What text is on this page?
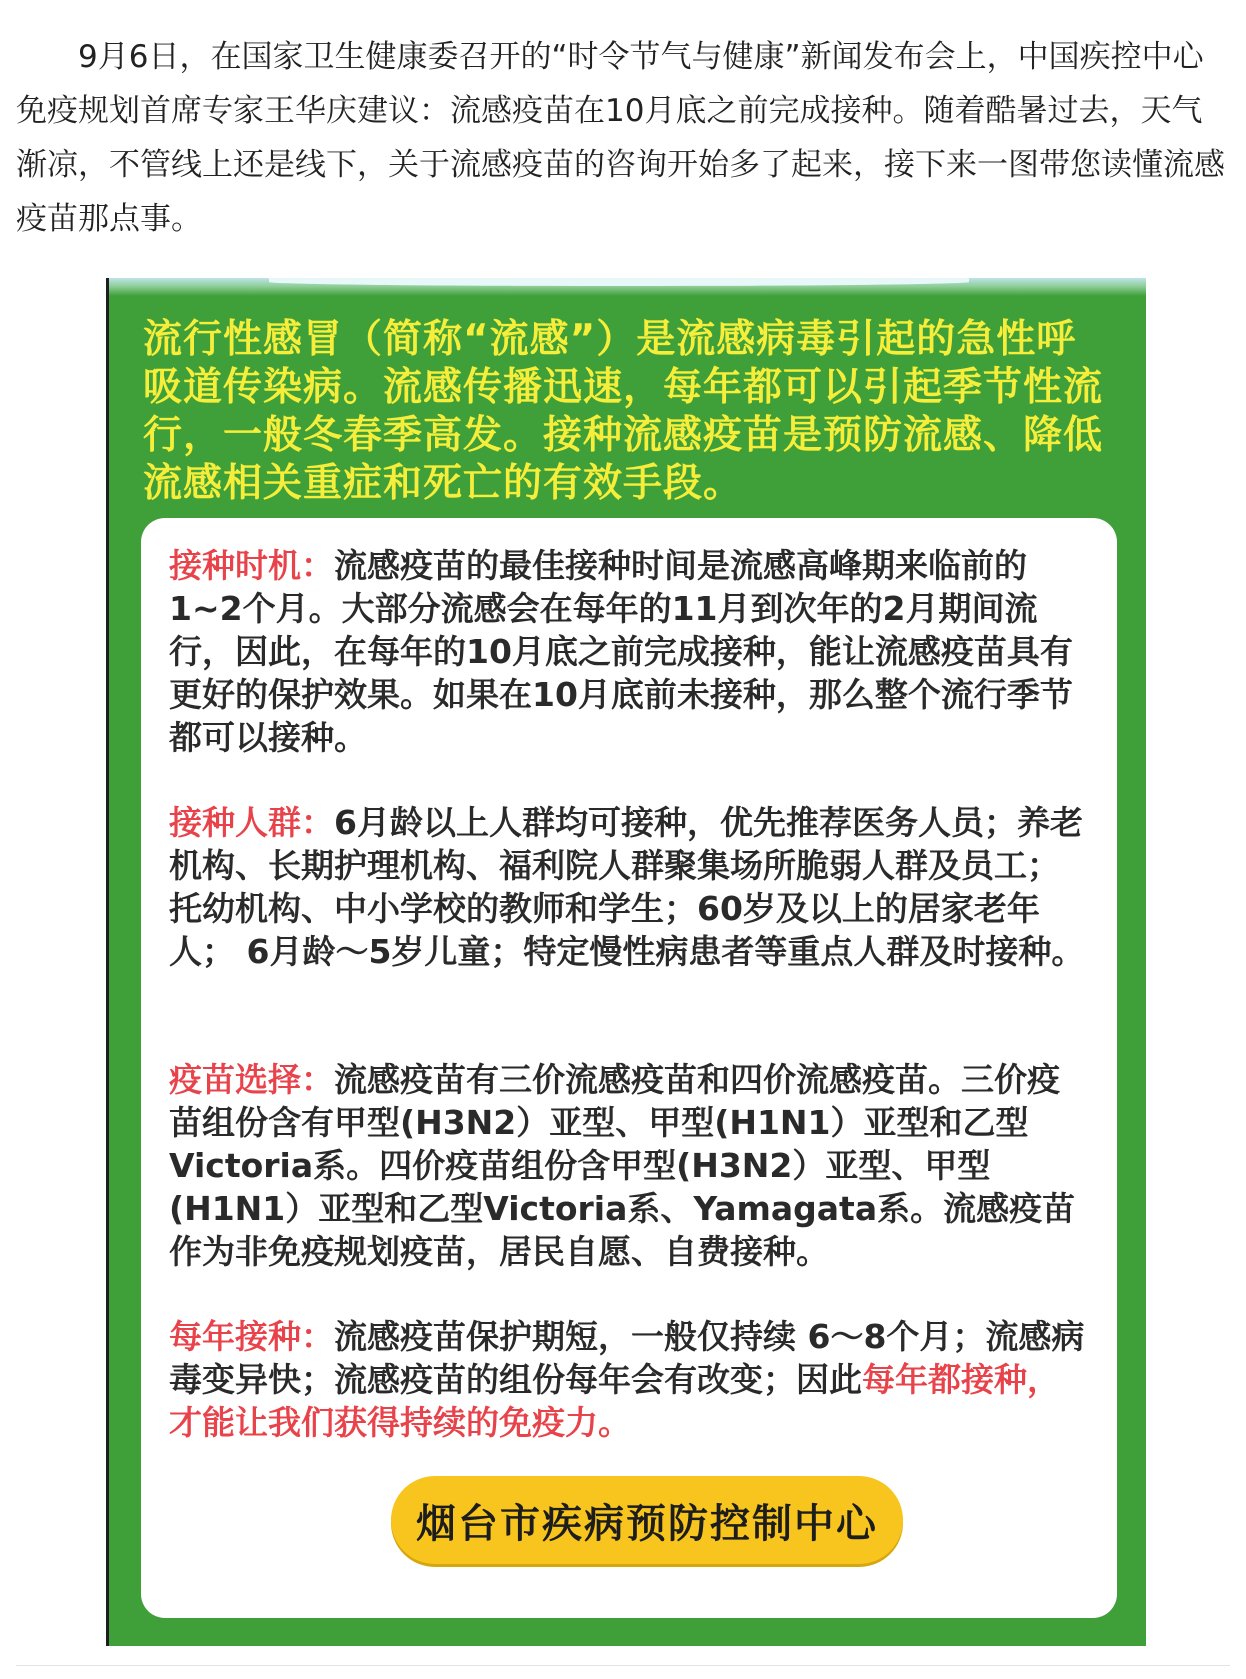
9月6日，在国家卫生健康委召开的“时令节气与健康”新闻发布会上，中国疾控中心免疫规划首席专家王华庆建议：流感疫苗在10月底之前完成接种。随着酷暑过去，天气渐凉，不管线上还是线下，关于流感疫苗的咨询开始多了起来，接下来一图带您读懂流感疫苗那点事。

流行性感冒（简称“流感”）是流感病毒引起的急性呼吸道传染病。流感传播迅速，每年都可以引起季节性流行，一般冬春季高发。接种流感疫苗是预防流感、降低流感相关重症和死亡的有效手段。

接种时机：流感疫苗的最佳接种时间是流感高峰期来临前的1~2个月。大部分流感会在每年的11月到次年的2月期间流行，因此，在每年的10月底之前完成接种，能让流感疫苗具有更好的保护效果。如果在10月底前未接种，那么整个流行季节都可以接种。

接种人群：6月龄以上人群均可接种，优先推荐医务人员；养老机构、长期护理机构、福利院人群聚集场所脆弱人群及员工；托幼机构、中小学校的教师和学生；60岁及以上的居家老年人； 6月龄～5岁儿童；特定慢性病患者等重点人群及时接种。

疫苗选择：流感疫苗有三价流感疫苗和四价流感疫苗。三价疫苗组份含有甲型(H3N2）亚型、甲型(H1N1）亚型和乙型Victoria系。四价疫苗组份含甲型(H3N2）亚型、甲型(H1N1）亚型和乙型Victoria系、Yamagata系。流感疫苗作为非免疫规划疫苗，居民自愿、自费接种。

每年接种：流感疫苗保护期短，一般仅持续 6～8个月；流感病毒变异快；流感疫苗的组份每年会有改变；因此每年都接种，才能让我们获得持续的免疫力。

烟台市疾病预防控制中心
